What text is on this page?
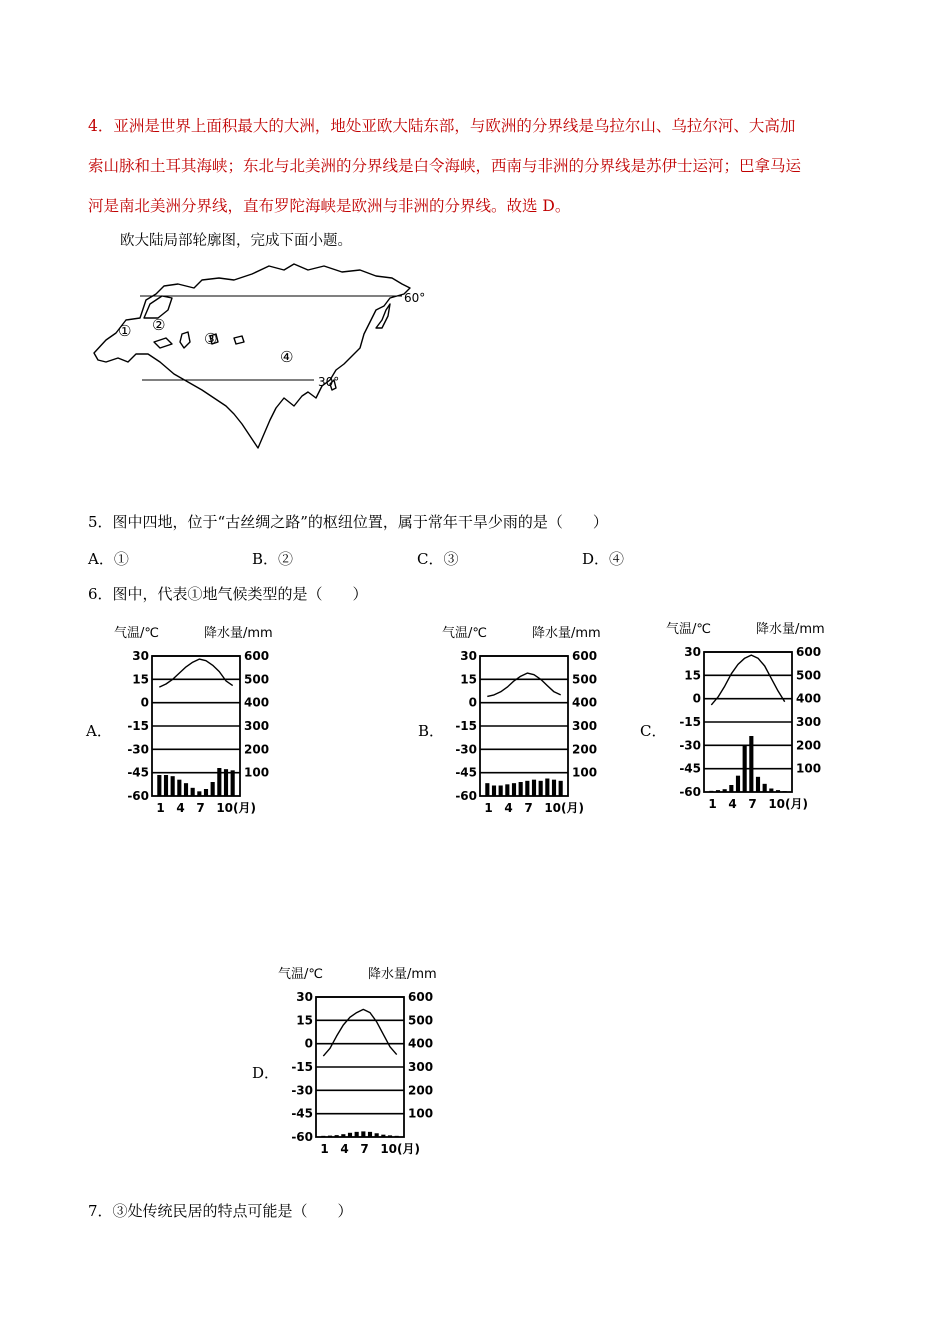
4．亚洲是世界上面积最大的大洲，地处亚欧大陆东部，与欧洲的分界线是乌拉尔山、乌拉尔河、大高加
索山脉和土耳其海峡；东北与北美洲的分界线是白令海峡，西南与非洲的分界线是苏伊士运河；巴拿马运
河是南北美洲分界线，直布罗陀海峡是欧洲与非洲的分界线。故选 D。
欧大陆局部轮廓图，完成下面小题。
60°
30°
① ②
③
④
5．图中四地，位于“古丝绸之路”的枢纽位置，属于常年干旱少雨的是（　　）
A．①	B．②	C．③	D．④
6．图中，代表①地气候类型的是（　　）
A．	B．	C．
D．
气温/℃	降水量/mm
30
15
0
-15
-30
-45
-60
600
500
400
300
200
100
1 4 7 10(月)
气温/℃	降水量/mm
30
15
0
-15
-30
-45
-60
600
500
400
300
200
100
1 4 7 10(月)
气温/℃	降水量/mm
30
15
0
-15
-30
-45
-60
600
500
400
300
200
100
1 4 7 10(月)
气温/℃	降水量/mm
30
15
0
-15
-30
-45
-60
600
500
400
300
200
100
1 4 7 10(月)
7．③处传统民居的特点可能是（　　）
